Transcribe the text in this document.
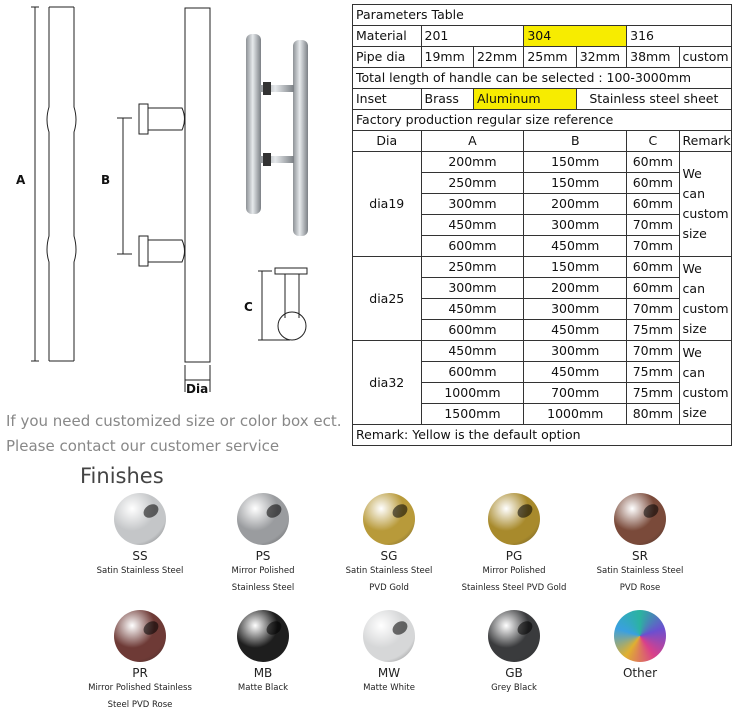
A	B
C
Dia
Parameters Table						
Material	201		304		316	
Pipe dia	19mm	22mm	25mm	32mm	38mm	custom
Total length of handle can be selected : 100-3000mm						
Inset	Brass	Aluminum		Stainless steel sheet		
Factory production regular size reference						
Dia	A		B		C	Remark
dia19	200mm		150mm		60mm	We
can
custom
size

	250mm		150mm		60mm	
	300mm		200mm		60mm	
	450mm		300mm		70mm	
	600mm		450mm		70mm	
dia25	250mm		150mm		60mm	We
can
custom
size

	300mm		200mm		60mm	
	450mm		300mm		70mm	
	600mm		450mm		75mm	
dia32	450mm		300mm		70mm	We
can
custom
size

	600mm		450mm		75mm	
	1000mm		700mm		75mm	
	1500mm		1000mm		80mm	
Remark: Yellow is the default option						
If you need customized size or color box ect.
Please contact our customer service
Finishes
SS
Satin Stainless Steel
PS
Mirror Polished
Stainless Steel
SG
Satin Stainless Steel
PVD Gold
PG
Mirror Polished
Stainless Steel PVD Gold
SR
Satin Stainless Steel
PVD Rose
PR
Mirror Polished Stainless
Steel PVD Rose
MB
Matte Black
MW
Matte White
GB
Grey Black
Other
